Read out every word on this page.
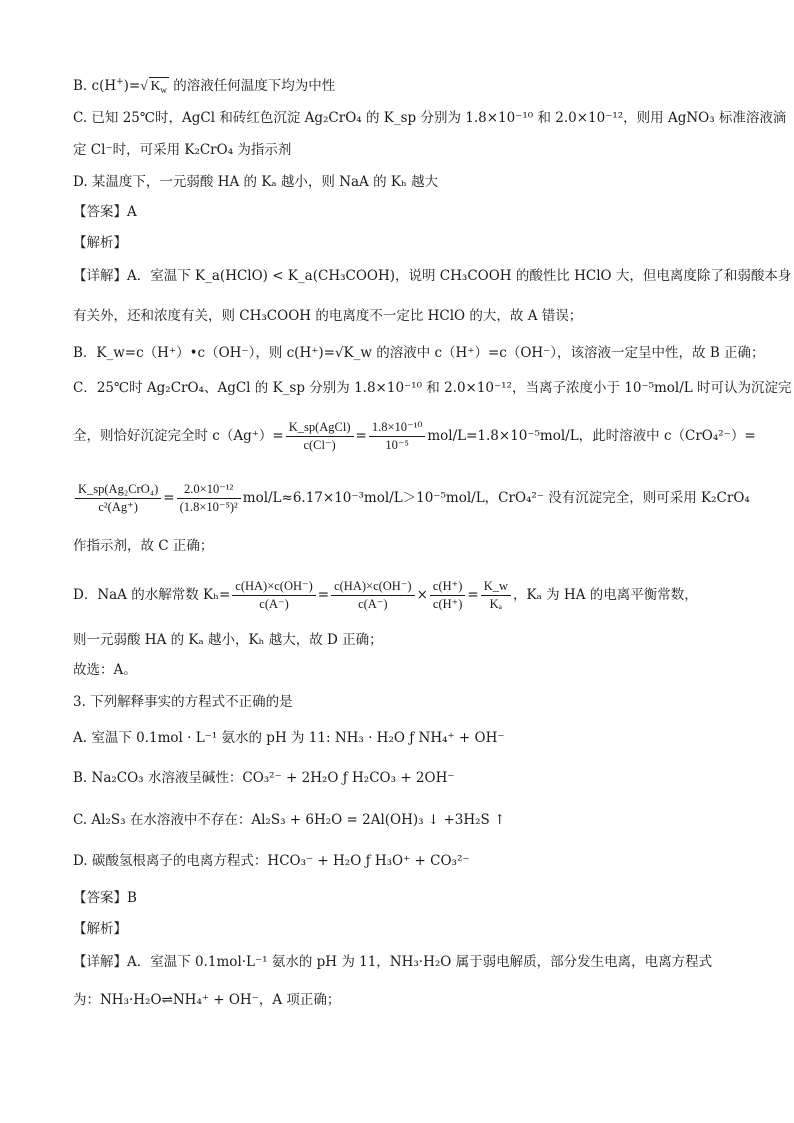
B. c(H+)=√ $K_w$ 的溶液任何温度下均为中性
C. 已知 25℃时，AgCl 和砖红色沉淀 Ag₂CrO₄ 的 K_sp 分别为 1.8×10⁻¹⁰ 和 2.0×10⁻¹²，则用 AgNO₃ 标准溶液滴
定 Cl⁻时，可采用 K₂CrO₄ 为指示剂
D. 某温度下，一元弱酸 HA 的 Kₐ 越小，则 NaA 的 Kₕ 越大
【答案】A
【解析】
【详解】A．室温下 K_a(HClO) < K_a(CH₃COOH)，说明 CH₃COOH 的酸性比 HClO 大，但电离度除了和弱酸本身
有关外，还和浓度有关，则 CH₃COOH 的电离度不一定比 HClO 的大，故 A 错误；
B．K_w=c（H⁺）•c（OH⁻），则 c(H⁺)=√K_w 的溶液中 c（H⁺）=c（OH⁻），该溶液一定呈中性，故 B 正确；
C．25℃时 Ag₂CrO₄、AgCl 的 K_sp 分别为 1.8×10⁻¹⁰ 和 2.0×10⁻¹²，当离子浓度小于 10⁻⁵mol/L 时可认为沉淀完
全，则恰好沉淀完全时 $c(Ag^+)= \frac{\text{K\_sp(AgCl)}}{c(Cl^-)} = \frac{\text{1.8×10⁻¹⁰}}{\text{10⁻⁵}} mol/L=1.8\times 10^{-5}mol/L$，此时溶液中 c（CrO₄²⁻）=
$\frac{\text{K\_sp(Ag₂CrO₄)}}{\text{c²(Ag⁺)}} = \frac{\text{2.0×10⁻¹²}}{\text{(1.8×10⁻⁵)²}} mol/L\approx 6.17\times 10^{-3}mol/L>10^{-5}mol/L$，CrO₄²⁻ 没有沉淀完全，则可采用 K₂CrO₄
作指示剂，故 C 正确；
D．NaA 的水解常数 $K_h= \frac{c(HA)\times c(OH^-)}{c(A^-)} = \frac{c(HA)\times c(OH^-)}{c(A^-)} \times \frac{c(H^+)}{c(H^+)} = \frac{K\_w}{\text{Kₐ}}$ ，Kₐ 为 HA 的电离平衡常数，
则一元弱酸 HA 的 Kₐ 越小，Kₕ 越大，故 D 正确；
故选：A。
3. 下列解释事实的方程式不正确的是
A. 室温下 0.1mol · L⁻¹ 氨水的 pH 为 11: NH₃ · H₂O ƒ NH₄⁺ + OH⁻
B. Na₂CO₃ 水溶液呈碱性：CO₃²⁻ + 2H₂O ƒ H₂CO₃ + 2OH⁻
C. Al₂S₃ 在水溶液中不存在：Al₂S₃ + 6H₂O = 2Al(OH)₃ ↓ +3H₂S ↑
D. 碳酸氢根离子的电离方程式：HCO₃⁻ + H₂O ƒ H₃O⁺ + CO₃²⁻
【答案】B
【解析】
【详解】A．室温下 0.1mol·L⁻¹ 氨水的 pH 为 11，NH₃·H₂O 属于弱电解质，部分发生电离，电离方程式
为：NH₃·H₂O⇌NH₄⁺ + OH⁻，A 项正确；
